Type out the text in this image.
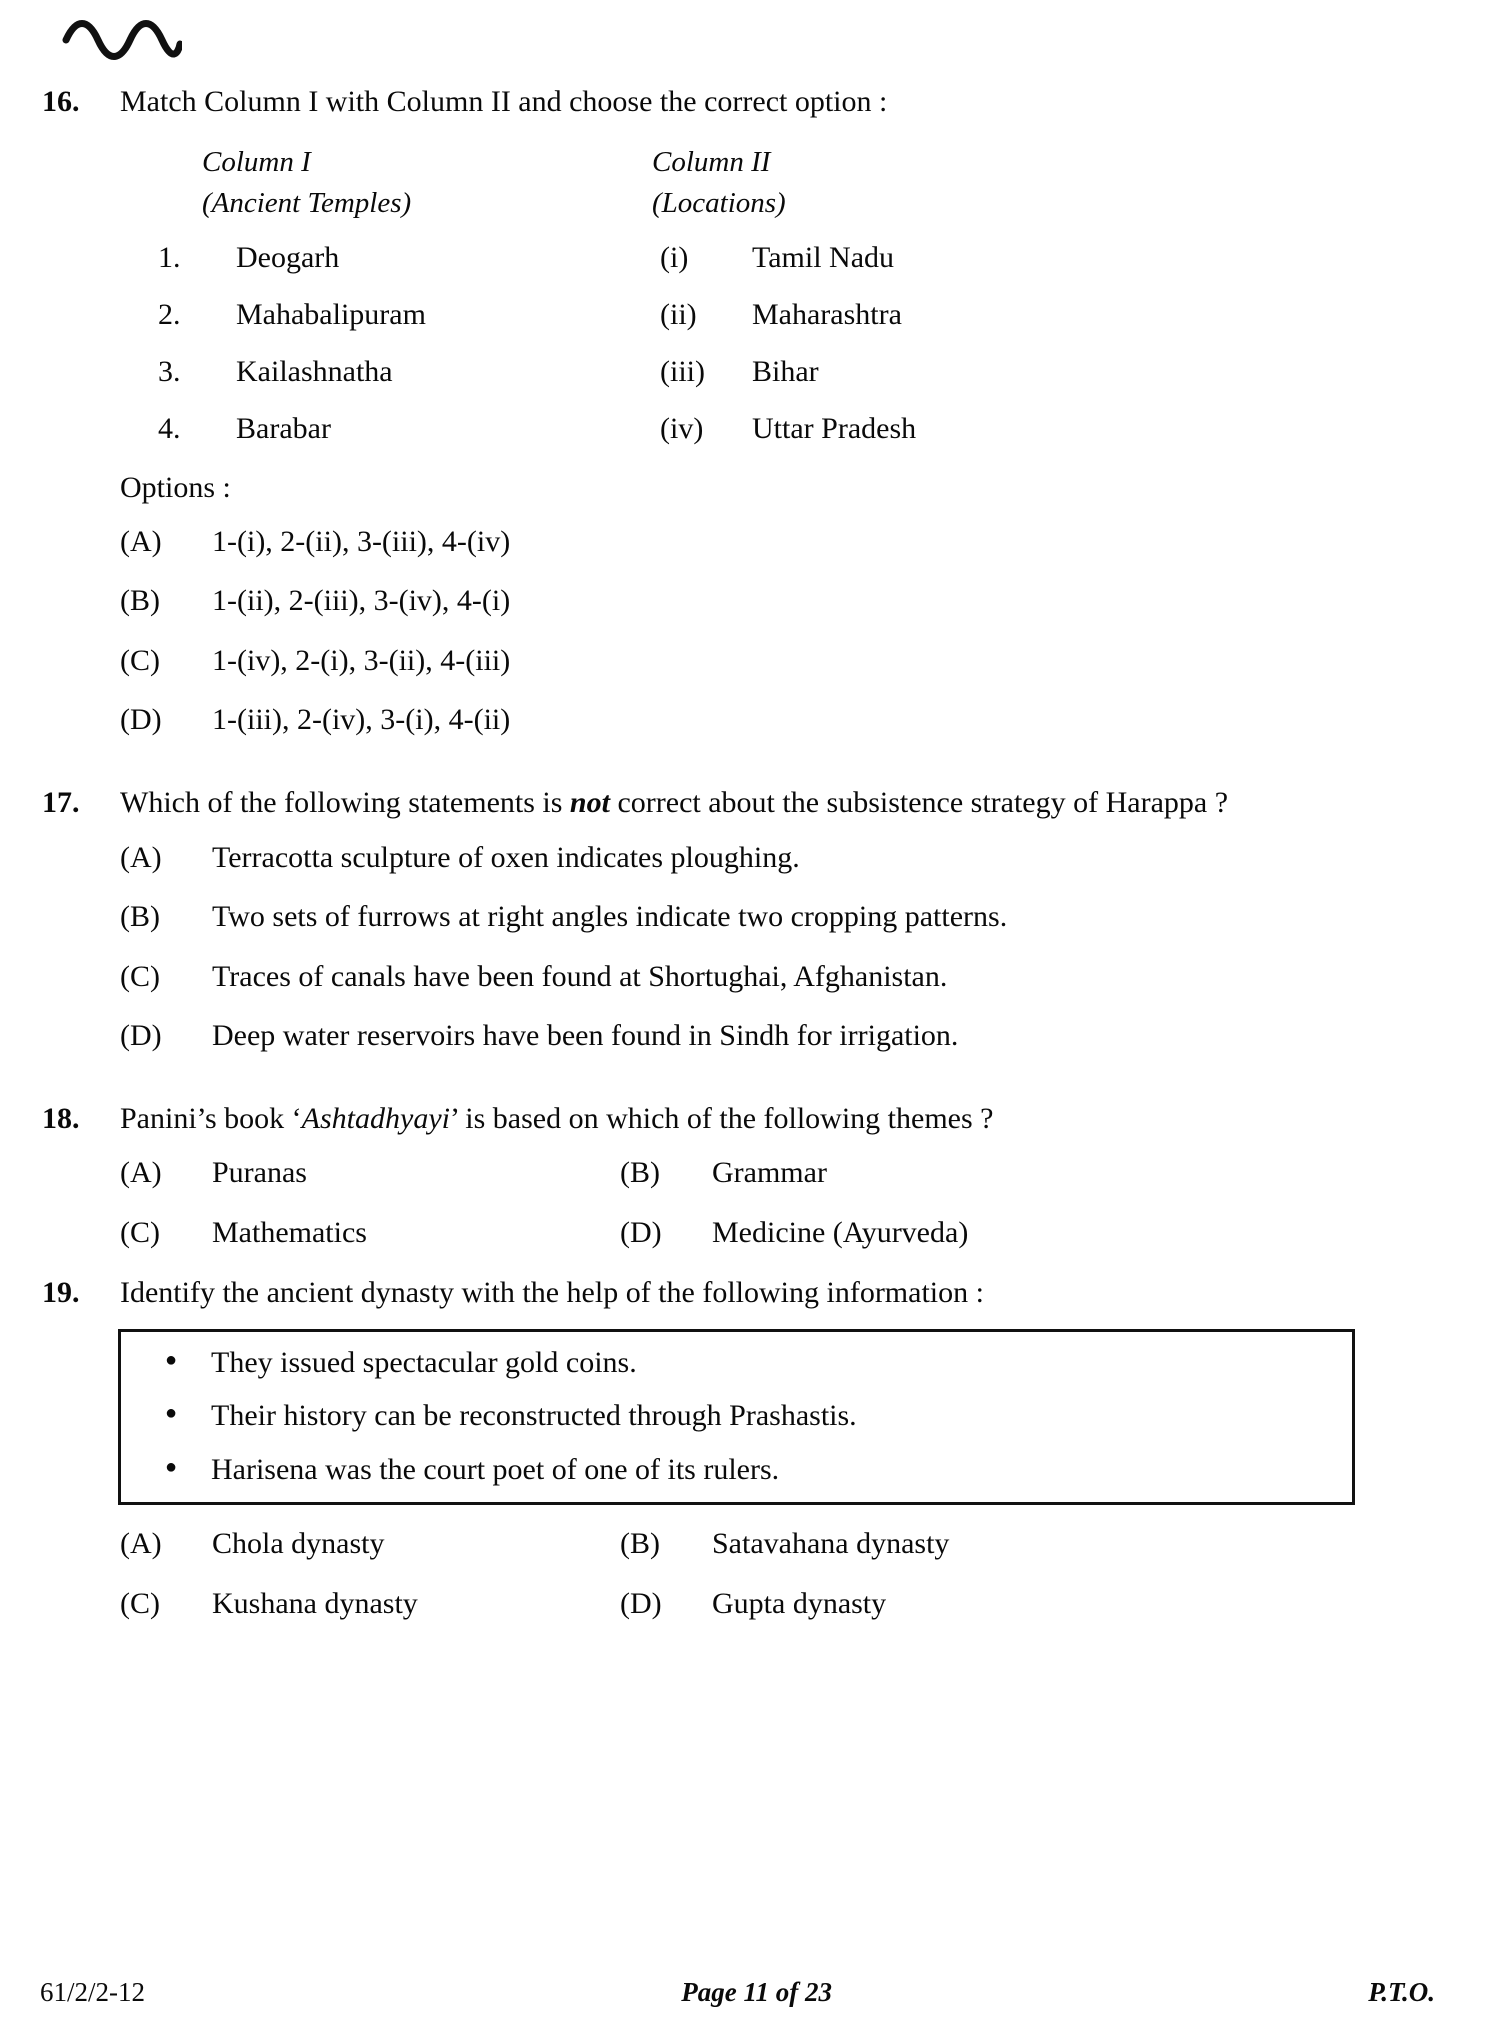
16.	Match Column I with Column II and choose the correct option :
Column I
(Ancient Temples)
Column II
(Locations)
1.	Deogarh	(i)	Tamil Nadu
2.	Mahabalipuram	(ii)	Maharashtra
3.	Kailashnatha	(iii)	Bihar
4.	Barabar	(iv)	Uttar Pradesh
Options :
(A)	1-(i), 2-(ii), 3-(iii), 4-(iv)
(B)	1-(ii), 2-(iii), 3-(iv), 4-(i)
(C)	1-(iv), 2-(i), 3-(ii), 4-(iii)
(D)	1-(iii), 2-(iv), 3-(i), 4-(ii)
17.	Which of the following statements is not correct about the subsistence strategy of Harappa ?
(A)	Terracotta sculpture of oxen indicates ploughing.
(B)	Two sets of furrows at right angles indicate two cropping patterns.
(C)	Traces of canals have been found at Shortughai, Afghanistan.
(D)	Deep water reservoirs have been found in Sindh for irrigation.
18.	Panini’s book ‘Ashtadhyayi’ is based on which of the following themes ?
(A)	Puranas	(B)	Grammar
(C)	Mathematics	(D)	Medicine (Ayurveda)
19.	Identify the ancient dynasty with the help of the following information :
●	They issued spectacular gold coins.
●	Their history can be reconstructed through Prashastis.
●	Harisena was the court poet of one of its rulers.
(A)	Chola dynasty	(B)	Satavahana dynasty
(C)	Kushana dynasty	(D)	Gupta dynasty
61/2/2-12	Page 11 of 23	P.T.O.
